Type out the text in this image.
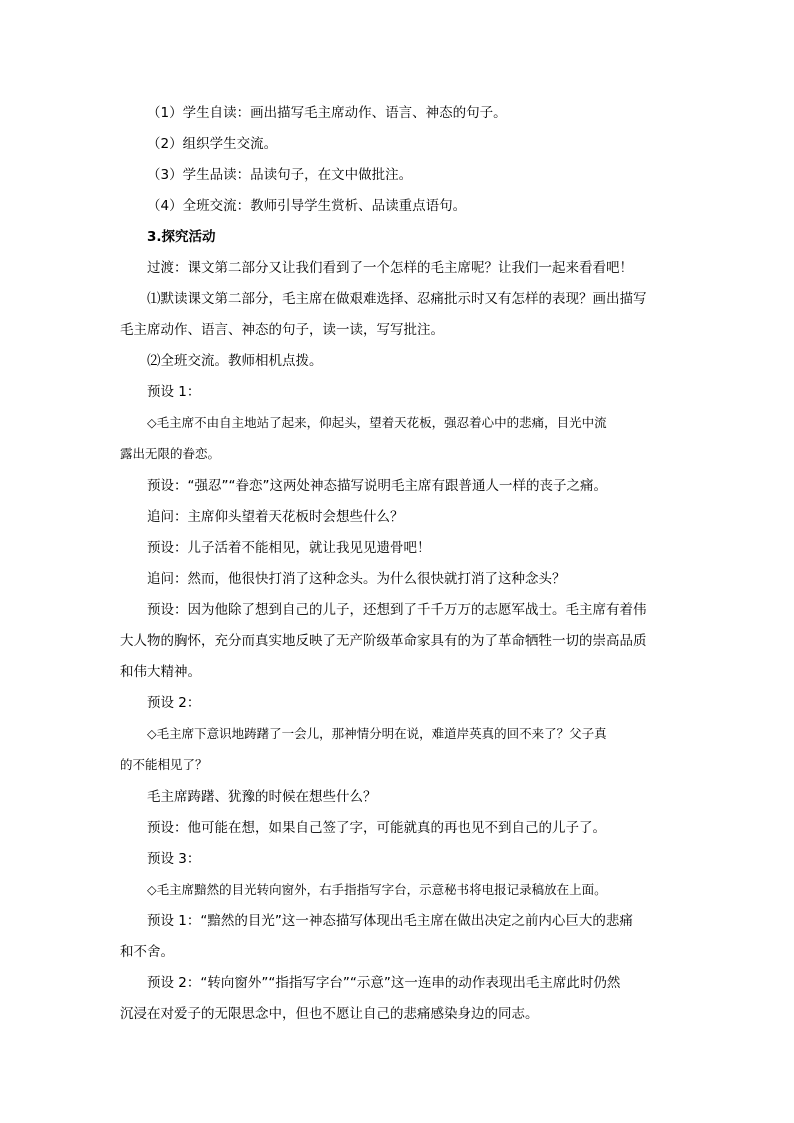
（1）学生自读：画出描写毛主席动作、语言、神态的句子。
（2）组织学生交流。
（3）学生品读：品读句子，在文中做批注。
（4）全班交流：教师引导学生赏析、品读重点语句。
3.探究活动
过渡：课文第二部分又让我们看到了一个怎样的毛主席呢？让我们一起来看看吧！
⑴默读课文第二部分，毛主席在做艰难选择、忍痛批示时又有怎样的表现？画出描写
毛主席动作、语言、神态的句子，读一读，写写批注。
⑵全班交流。教师相机点拨。
预设 1：
◇毛主席不由自主地站了起来，仰起头，望着天花板，强忍着心中的悲痛，目光中流
露出无限的眷恋。
预设：“强忍”“眷恋”这两处神态描写说明毛主席有跟普通人一样的丧子之痛。
追问：主席仰头望着天花板时会想些什么？
预设：儿子活着不能相见，就让我见见遗骨吧！
追问：然而，他很快打消了这种念头。为什么很快就打消了这种念头？
预设：因为他除了想到自己的儿子，还想到了千千万万的志愿军战士。毛主席有着伟
大人物的胸怀，充分而真实地反映了无产阶级革命家具有的为了革命牺牲一切的崇高品质
和伟大精神。
预设 2：
◇毛主席下意识地踌躇了一会儿，那神情分明在说，难道岸英真的回不来了？父子真
的不能相见了？
毛主席踌躇、犹豫的时候在想些什么？
预设：他可能在想，如果自己签了字，可能就真的再也见不到自己的儿子了。
预设 3：
◇毛主席黯然的目光转向窗外，右手指指写字台，示意秘书将电报记录稿放在上面。
预设 1：“黯然的目光”这一神态描写体现出毛主席在做出决定之前内心巨大的悲痛
和不舍。
预设 2：“转向窗外”“指指写字台”“示意”这一连串的动作表现出毛主席此时仍然
沉浸在对爱子的无限思念中，但也不愿让自己的悲痛感染身边的同志。
